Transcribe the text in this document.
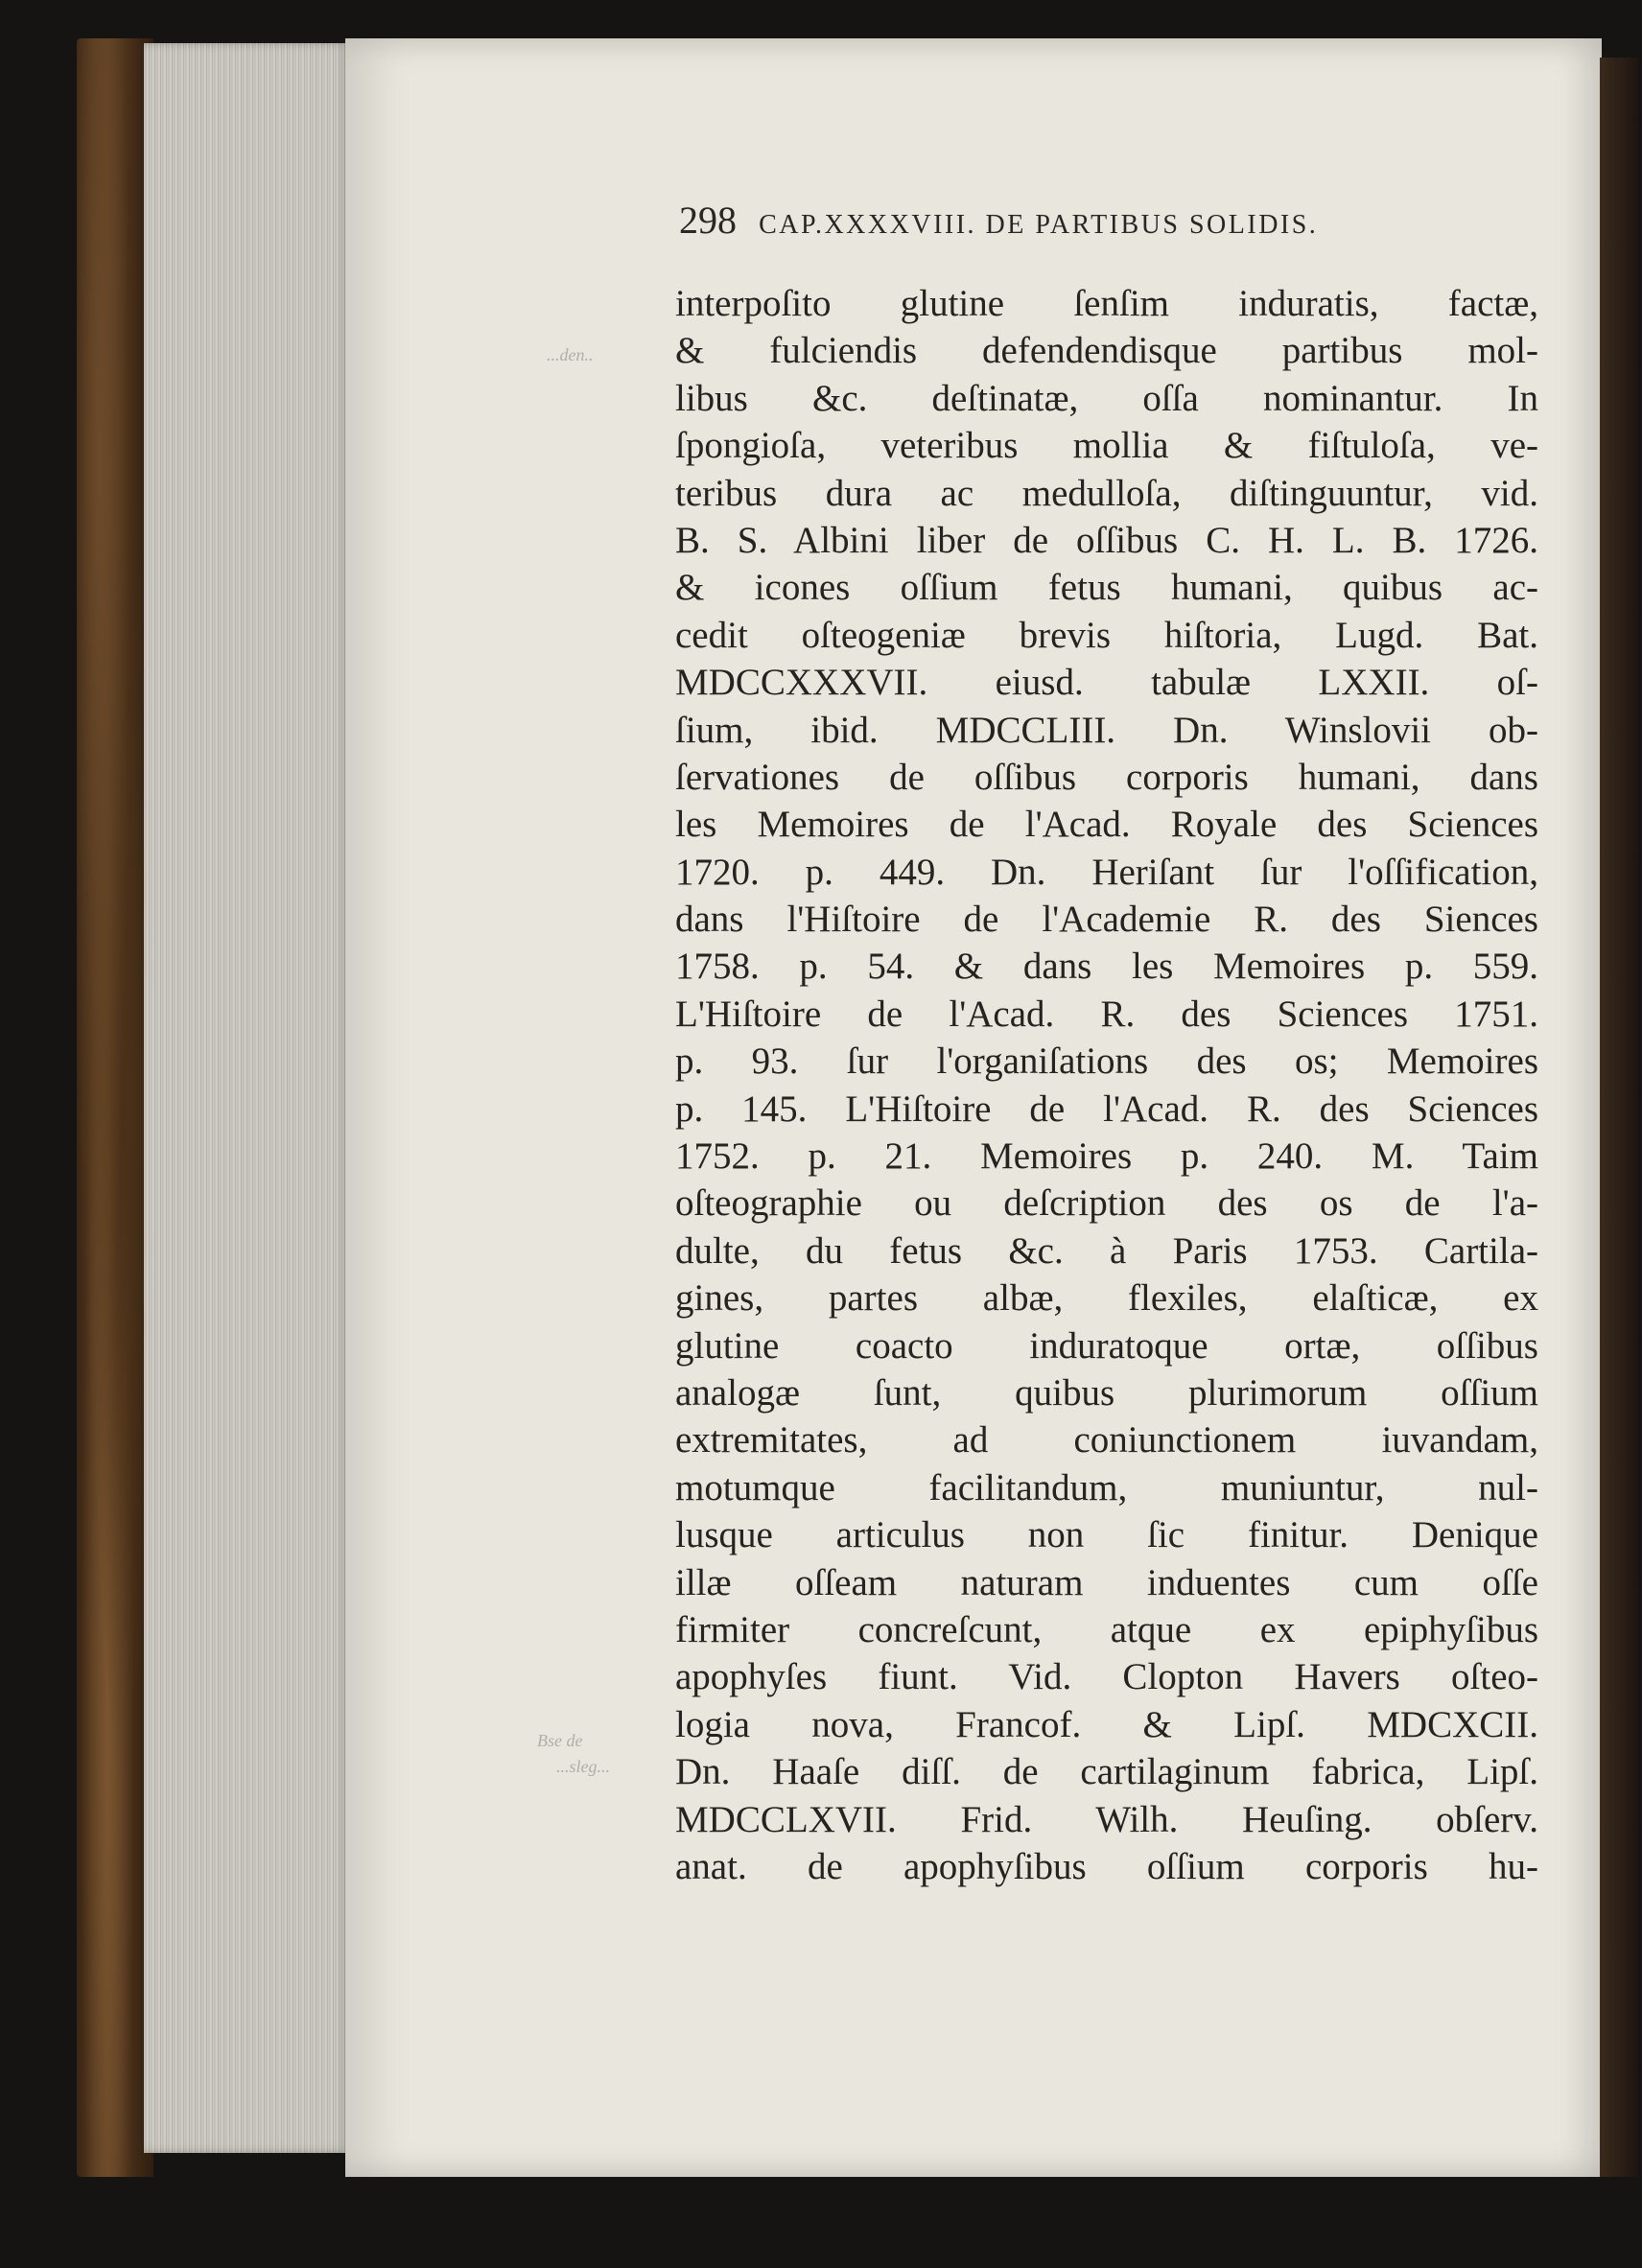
298 CAP.XXXXVIII. DE PARTIBUS SOLIDIS.
...den..
Bse de
...sleg...
interpoſito glutine ſenſim induratis, factæ,
& fulciendis defendendisque partibus mol-
libus &c. deſtinatæ, oſſa nominantur. In
ſpongioſa, veteribus mollia & fiſtuloſa, ve-
teribus dura ac medulloſa, diſtinguuntur, vid.
B. S. Albini liber de oſſibus C. H. L. B. 1726.
& icones oſſium fetus humani, quibus ac-
cedit oſteogeniæ brevis hiſtoria, Lugd. Bat.
MDCCXXXVII. eiusd. tabulæ LXXII. oſ-
ſium, ibid. MDCCLIII. Dn. Winslovii ob-
ſervationes de oſſibus corporis humani, dans
les Memoires de l'Acad. Royale des Sciences
1720. p. 449. Dn. Heriſant ſur l'oſſification,
dans l'Hiſtoire de l'Academie R. des Siences
1758. p. 54. & dans les Memoires p. 559.
L'Hiſtoire de l'Acad. R. des Sciences 1751.
p. 93. ſur l'organiſations des os; Memoires
p. 145. L'Hiſtoire de l'Acad. R. des Sciences
1752. p. 21. Memoires p. 240. M. Taim
oſteographie ou deſcription des os de l'a-
dulte, du fetus &c. à Paris 1753. Cartila-
gines, partes albæ, flexiles, elaſticæ, ex
glutine coacto induratoque ortæ, oſſibus
analogæ ſunt, quibus plurimorum oſſium
extremitates, ad coniunctionem iuvandam,
motumque facilitandum, muniuntur, nul-
lusque articulus non ſic finitur. Denique
illæ oſſeam naturam induentes cum oſſe
firmiter concreſcunt, atque ex epiphyſibus
apophyſes fiunt. Vid. Clopton Havers oſteo-
logia nova, Francof. & Lipſ. MDCXCII.
Dn. Haaſe diſſ. de cartilaginum fabrica, Lipſ.
MDCCLXVII. Frid. Wilh. Heuſing. obſerv.
anat. de apophyſibus oſſium corporis hu-
